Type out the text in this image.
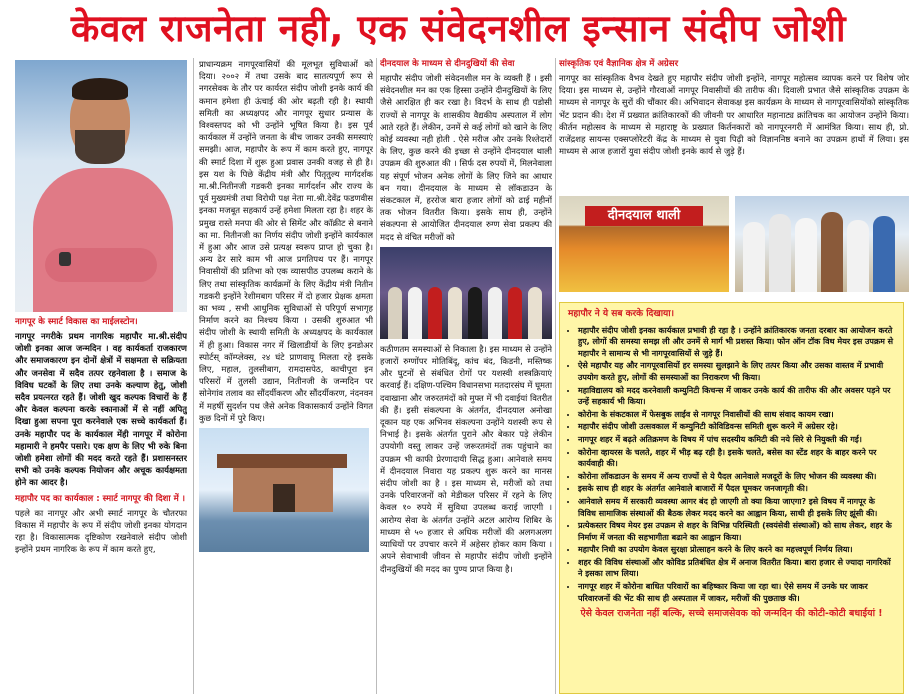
केवल राजनेता नही, एक संवेदनशील इन्सान संदीप जोशी
नागपूर के स्मार्ट विकास का माईलस्टोन।

नागपूर नगरीके प्रथम नागरिक महापौर मा.श्री.संदीप जोशी इनका आज जन्मदिन । वह कार्यकर्ता राजकारण और समाजकारण इन दोनों क्षेत्रों में सक्षमता से सक्रियता और जनसेवा में सदैव तत्पर रहनेवाला है । समाज के विविध घटकों के लिए तथा उनके कल्याण हेतु, जोशी सदैव प्रयत्नरत रहते हैं। जोशी खुद कल्पक विचारों के हैं और केवल कल्पना करके स्कानाओं में से नहीं अपितु दिखा हुआ सपना पूरा करनेवाले एक सच्चे कार्यकर्ता हैं। उनके महापौर पद के कार्यकाल मेंही नागपूर में कोरोना महामारी ने हमपैर पसारे। एक क्षण के लिए भी रुके बिना जोशी हमेशा लोगों की मदद करते रहते हैं। प्रशासनस्तर सभी को उनके कल्पक नियोजन और अचूक कार्यक्षमता होने का आदर है।

महापौर पद का कार्यकाल : स्मार्ट नागपूर की दिशा में ।

पहले का नागपूर और अभी स्मार्ट नागपूर के चौतरफा विकास में महापौर के रूप में संदीप जोशी इनका योगदान रहा है। विकासात्मक दृष्टिकोण रखनेवाले संदीप जोशी इन्होंने प्रथम नागरिक के रूप में काम करते हुए,

प्राधान्यक्रम नागपूरवासियों की मूलभूत सुविधाओं को दिया। २००२ में तथा उसके बाद सातत्यपूर्ण रूप से नगरसेवक के तौर पर कार्यरत संदीप जोशी इनके कार्य की कमान हमेशा ही ऊंचाई की ओर बढ़ती रही है। स्थायी समिती का अध्यक्षपद और नागपूर सुधार प्रन्यास के विश्वस्तपद को भी उन्होंने भूषित किया है। इस पूर्व कार्यकाल में उन्होंने जनता के बीच जाकर उनकी समस्याएं समझी। आज, महापौर के रूप में काम करते हुए, नागपूर की स्मार्ट दिशा में शुरू हुआ प्रवास उनकी वजह से ही है। इस यश के पिछे केंद्रीय मंत्री और पितृतुल्य मार्गदर्शक मा.श्री.नितीनजी गडकरी इनका मार्गदर्शन और राज्य के पूर्व मुख्यमंत्री तथा विरोधी पक्ष नेता मा.श्री.देवेंद्र फडणवीस इनका मजबूत सहकार्य उन्हें हमेशा मिलता रहा है। शहर के प्रमुख रास्ते मनपा की ओर से सिमेंट और कॉक्रीट से बनाने का मा. नितीनजी का निर्णय संदीप जोशी इन्होंने कार्यकाल में हुआ और आज उसे प्रत्यक्ष स्वरूप प्राप्त हो चुका है। अन्य ढेर सारे काम भी आज प्रगतिपथ पर हैं। नागपूर निवासीयों की प्रतिभा को एक व्यासपीठ उपलब्ध कराने के लिए तथा सांस्कृतिक कार्यक्रमों के लिए केंद्रीय मंत्री नितीन गडकरी इन्होंने रेशीमबाग परिसर में दो हजार प्रेक्षक क्षमता का भव्य , सभी आधुनिक सुविधाओं से परिपूर्ण सभागृह निर्माण करने का निश्चय किया । उसकी शुरुआत भी संदीप जोशी के स्थायी समिती के अध्यक्षपद के कार्यकाल में ही हुआ। विकास नगर में खिलाडीयों के लिए इनडोअर स्पोर्टस् कॉम्प्लेक्स, २४ घंटे प्राणवायू मिलता रहे इसके लिए, महाल, तुलसीबाग, रामदासपेठ, काचीपूरा इन परिसरों में तुलसी उद्यान, नितीनजी के जन्मदिन पर सोनेगांव तलाव का सौंदर्यीकरण और सौंदर्यीकरण, नंदनवन में महर्षी सुदर्शन पथ जैसे अनेक विकासकार्य उन्होंने विगत कुछ दिनों में पुरे किए।

दीनदयाल के माध्यम से दीनदुखियों की सेवा

महापौर संदीप जोशी संवेदनशील मन के व्यक्ती हैं । इसी संवेदनशील मन का एक हिस्सा उन्होंने दीनदुखियों के लिए जैसे आरक्षित ही कर रखा है। विदर्भ के साथ ही पडोसी राज्यों से नागपूर के शासकीय वैद्यकीय अस्पताल में लोग आते रहते हैं। लेकीन, उनमें से कई लोगों को खाने के लिए कोई व्यवस्था नही होती . ऐसे मरीज और उनके रिश्तेदारों के लिए, कुछ करने की इच्छा से उन्होंने दीनदयाल थाली उपक्रम की शुरुआत की । सिर्फ दस रुपयों में, मिलनेवाला यह संपूर्ण भोजन अनेक लोगों के लिए जिने का आधार बन गया। दीनदयाल के माध्यम से लॉकडाउन के संकटकाल में, हररोज बारा हजार लोगों को ढाई महीनों तक भोजन वितरीत किया। इसके साथ ही, उन्होंने संकल्पना से आयोजित दीनदयाल रुग्ण सेवा प्रकल्प की मदद से वंचित मरीजों को

कठीणतम समस्याओं से निकाला है। इस माध्यम से उन्होंने हजारों रुग्णोंपर मोतिबिंदू, कांच बंद, किडनी, मस्तिष्क और घुटनों से संबंधित रोगों पर यशस्वी शस्त्रक्रियाएं करवाई हैं। दक्षिण-पश्चिम विधानसभा मतदारसंघ में घूमता दवाखाना और जरुरतमंदों को मुफ्त में भी दवाईयां वितरीत की हैं। इसी संकल्पना के अंतर्गत, दीनदयाल अनोखा दूकान यह एक अभिनव संकल्पना उन्होंने यशस्वी रूप से निभाई है। इसके अंतर्गत पुराने और बेकार पड़े लेकीन उपयोगी वस्तु लाकर उन्हें जरूरतमंदों तक पहुंचाने का उपक्रम भी काफी प्रेरणादायी सिद्ध हुआ। आनेवाले समय में दीनदयाल निवारा यह प्रकल्प शुरू करने का मानस संदीप जोशी का है । इस माध्यम से, मरीजों को तथा उनके परिवारजनों को मेडीकल परिसर में रहने के लिए केवल १० रुपये में सुविधा उपलब्ध कराई जाएगी । आरोग्य सेवा के अंतर्गत उन्होंने अटल आरोग्य शिबिर के माध्यम से ५० हजार से अधिक मरीजों की अलगअलग व्याधियों पर उपचार करने में अहेसर होकर काम किया । अपने सेवाभावी जीवन से महापौर संदीप जोशी इन्होंने दीनदुखियों की मदद का पुण्य प्राप्त किया है।

सांस्कृतिक एवं वैज्ञानिक क्षेत्र में अग्रेसर

नागपूर का सांस्कृतिक वैभव देखते हुए महापौर संदीप जोशी इन्होंने, नागपूर महोत्सव व्यापक करने पर विशेष जोर दिया। इस माध्यम से, उन्होंने गौरवाओं नागपूर निवासीयों की तारीफ की। दिवाली प्रभात जैसे सांस्कृतिक उपक्रम के माध्यम से नागपूर के सुरों की चौंकार की। अभिवादन सेवाकक्ष इस कार्यक्रम के माध्यम से नागपूरवासियोंको सांस्कृतिक भेंट प्रदान की। देश में प्रख्यात क्रांतिकारकों की जीवनी पर आधारित महानाट्य क्रांतिचक का आयोजन उन्होंने किया। कीर्तन महोत्सव के माध्यम से महाराष्ट्र के प्रख्यात किर्तनकारों को नागपूरनगरी में आमंत्रित किया। साथ ही, प्रो. राजेंद्रशह सायन्स एक्सप्लोरेटरी केंद्र के माध्यम से युवा पिढ़ी को विज्ञाननिष्ठ बनाने का उपक्रम हाथों में लिया। इस माध्यम से आज हजारों युवा संदीप जोशी इनके कार्य से जुड़े हैं।

दीनदयाल थाली
महापौर ने ये सब करके दिखाया।
• महापौर संदीप जोशी इनका कार्यकाल प्रभावी ही रहा है । उन्होंने क्रांतिकारक जनता दरबार का आयोजन करते हुए, लोगों की समस्या समझ ली और उनमें से मार्ग भी प्रशस्त किया। फोन ऑन टॉक विथ मेयर इस उपक्रम से महापौर ने सामान्य से भी नागपूरवासियों से जुड़े हैं।
• ऐसे महापौर यह और नागपूरवासियों हर समस्या सुलझाने के लिए तत्पर किया और उसका वास्तव में प्रभावी उपयोग करते हुए, लोगों की समस्याओं का निराकरण भी किया।
• महाविद्यालय को मदद करनेवाली कम्युनिटी किचन्स में जाकर उनके कार्य की तारीफ की और अवसर पड़ने पर उन्हें सहकार्य भी किया।
• कोरोना के संकटकाल में फेसबुक लाईव से नागपूर निवासीयों की साथ संवाद कायम रखा।
• महापौर संदीप जोशी उत्सवकाल में कम्युनिटी कोविडिवन्स समिती शुरू करने में अग्रेसर रहे।
• नागपूर शहर में बढ़ते अतिक्रमण के विषय में पांच सदस्यीय कमिटी की नये सिरे से नियुक्ती की गई।
• कोरोना व्हायरस के चलते, शहर में भीड़ बढ़ रही है। इसके चलते, बसेस का स्टेंड शहर के बाहर करने पर कार्यवाही की।
• कोरोना लॉकडाउन के समय में अन्य राज्यों से ये पैदल आनेवाले मजदूरों के लिए भोजन की व्यवस्था की।
• इसके साथ ही शहर के अंतर्गत आनेवाले बाजारों में पैदल घूमकर जनजागृती की।
• आनेवाले समय में सरकारी व्यवस्था आगर बंद हो जाएगी तो क्या किया जाएगा? इसे विषय में नागपूर के विविध सामाजिक संस्थाओं की बैठक लेकर मदद करने का आह्वान किया, साथी ही इसके लिए झूंसी की।
• प्रत्येकस्तर विषय मेयर इस उपक्रम से शहर के विभिन्न परिस्थिती (स्वयंसेवी संस्थाओं) को साथ लेकर, शहर के निर्माण में जनता की सहभागीता बढाने का आह्वान किया।
• महापौर निधी का उपयोग केवल सुरक्षा प्रोत्साहन करने के लिए करने का महत्त्वपूर्ण निर्णय लिया।
• शहर की विविध संस्थाओं और कोविड प्रतिबंधित क्षेत्र में अनाज वितरीत किया। बारा हजार से ज्यादा नागरिकों ने इसका लाभ लिया।
• नागपूर शहर में कोरोना बाधित परिवारों का बहिष्कार किया जा रहा था। ऐसे समय में उनके घर जाकर परिवारजनों की भेंट की साथ ही अस्पताल में जाकर, मरीजों की पुछताछ की।
ऐसे केवल राजनेता नहीं बल्कि, सच्चे समाजसेवक को जन्मदिन की कोटी-कोटी बधाईयां !
